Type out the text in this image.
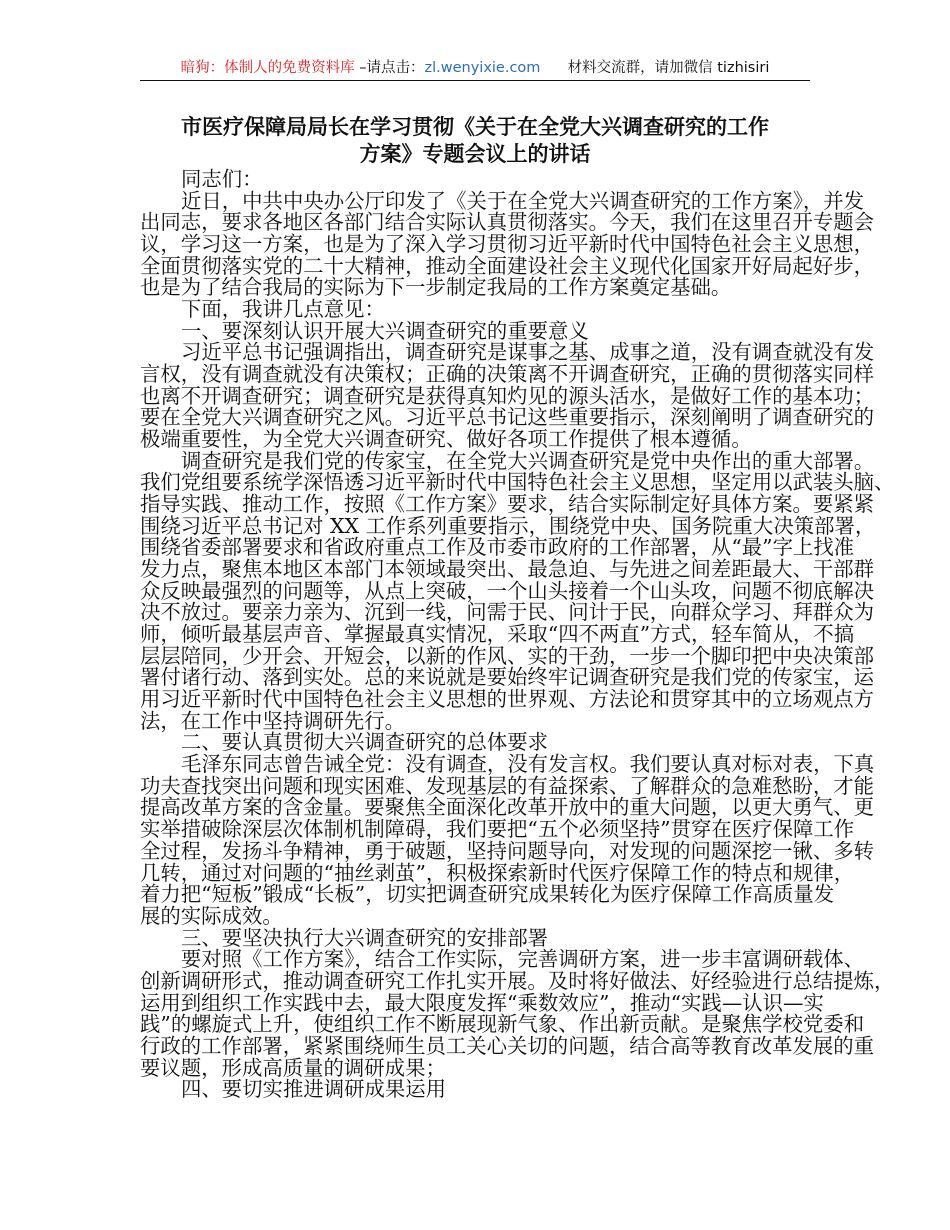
暗狗：体制人的免费资料库 –请点击：zl.wenyixie.com 材料交流群，请加微信 tizhisiri
市医疗保障局局长在学习贯彻《关于在全党大兴调查研究的工作
方案》专题会议上的讲话
同志们：
近日，中共中央办公厅印发了《关于在全党大兴调查研究的工作方案》，并发
出同志，要求各地区各部门结合实际认真贯彻落实。今天，我们在这里召开专题会
议，学习这一方案，也是为了深入学习贯彻习近平新时代中国特色社会主义思想，
全面贯彻落实党的二十大精神，推动全面建设社会主义现代化国家开好局起好步，
也是为了结合我局的实际为下一步制定我局的工作方案奠定基础。
下面，我讲几点意见：
一、要深刻认识开展大兴调查研究的重要意义
习近平总书记强调指出，调查研究是谋事之基、成事之道，没有调查就没有发
言权，没有调查就没有决策权；正确的决策离不开调查研究，正确的贯彻落实同样
也离不开调查研究；调查研究是获得真知灼见的源头活水，是做好工作的基本功；
要在全党大兴调查研究之风。习近平总书记这些重要指示，深刻阐明了调查研究的
极端重要性，为全党大兴调查研究、做好各项工作提供了根本遵循。
调查研究是我们党的传家宝，在全党大兴调查研究是党中央作出的重大部署。
我们党组要系统学深悟透习近平新时代中国特色社会主义思想，坚定用以武装头脑、
指导实践、推动工作，按照《工作方案》要求，结合实际制定好具体方案。要紧紧
围绕习近平总书记对 XX 工作系列重要指示，围绕党中央、国务院重大决策部署，
围绕省委部署要求和省政府重点工作及市委市政府的工作部署，从“最”字上找准
发力点，聚焦本地区本部门本领域最突出、最急迫、与先进之间差距最大、干部群
众反映最强烈的问题等，从点上突破，一个山头接着一个山头攻，问题不彻底解决
决不放过。要亲力亲为、沉到一线，问需于民、问计于民，向群众学习、拜群众为
师，倾听最基层声音、掌握最真实情况，采取“四不两直”方式，轻车简从，不搞
层层陪同，少开会、开短会，以新的作风、实的干劲，一步一个脚印把中央决策部
署付诸行动、落到实处。总的来说就是要始终牢记调查研究是我们党的传家宝，运
用习近平新时代中国特色社会主义思想的世界观、方法论和贯穿其中的立场观点方
法，在工作中坚持调研先行。
二、要认真贯彻大兴调查研究的总体要求
毛泽东同志曾告诫全党：没有调查，没有发言权。我们要认真对标对表，下真
功夫查找突出问题和现实困难、发现基层的有益探索、了解群众的急难愁盼，才能
提高改革方案的含金量。要聚焦全面深化改革开放中的重大问题，以更大勇气、更
实举措破除深层次体制机制障碍，我们要把“五个必须坚持”贯穿在医疗保障工作
全过程，发扬斗争精神，勇于破题，坚持问题导向，对发现的问题深挖一锹、多转
几转，通过对问题的“抽丝剥茧”，积极探索新时代医疗保障工作的特点和规律，
着力把“短板”锻成“长板”，切实把调查研究成果转化为医疗保障工作高质量发
展的实际成效。
三、要坚决执行大兴调查研究的安排部署
要对照《工作方案》，结合工作实际，完善调研方案，进一步丰富调研载体、
创新调研形式，推动调查研究工作扎实开展。及时将好做法、好经验进行总结提炼，
运用到组织工作实践中去，最大限度发挥“乘数效应”，推动“实践—认识—实
践”的螺旋式上升，使组织工作不断展现新气象、作出新贡献。是聚焦学校党委和
行政的工作部署，紧紧围绕师生员工关心关切的问题，结合高等教育改革发展的重
要议题，形成高质量的调研成果；
四、要切实推进调研成果运用
